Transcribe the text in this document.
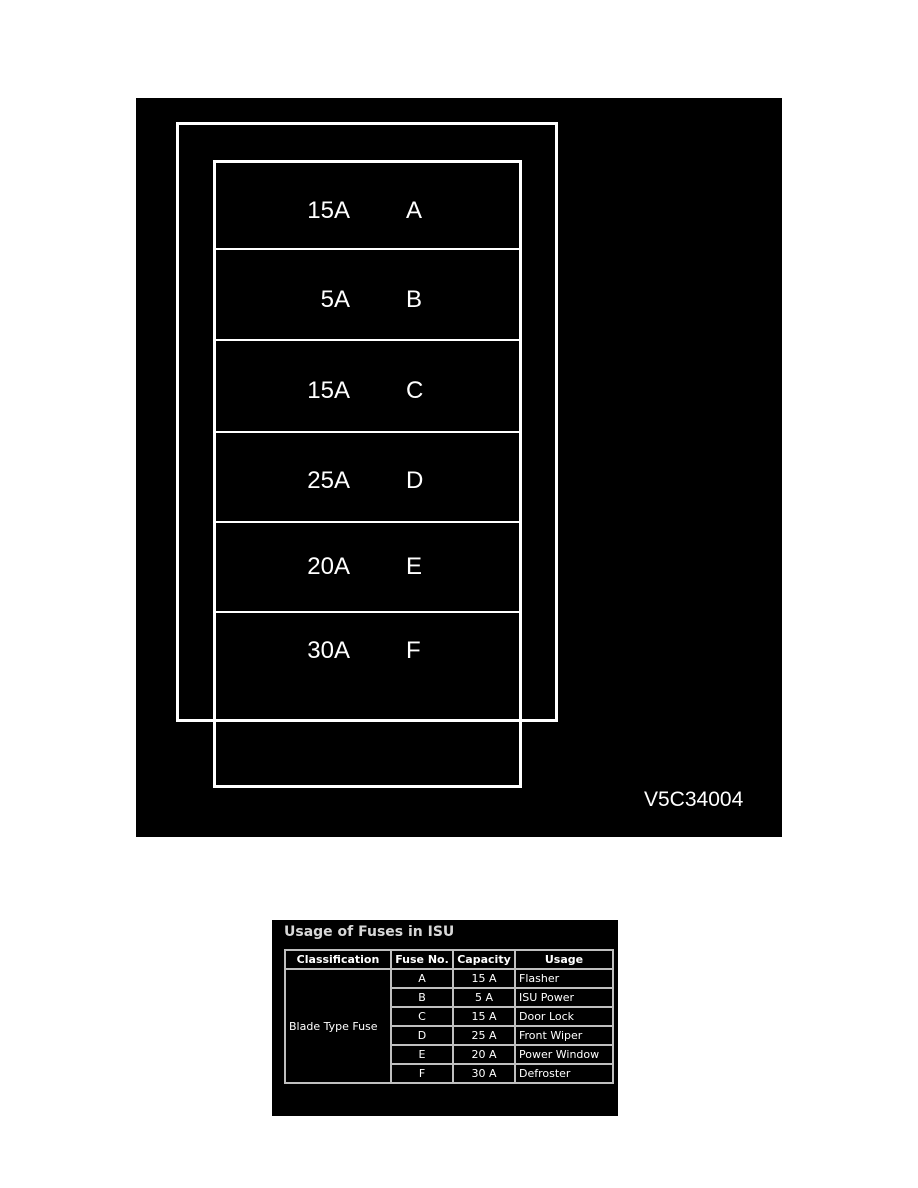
15A A
5A B
15A C
25A D
20A E
30A F
V5C34004
Usage of Fuses in ISU
Classification	Fuse No.	Capacity	Usage
Blade Type Fuse	A	15 A	Flasher
	B	5 A	ISU Power
	C	15 A	Door Lock
	D	25 A	Front Wiper
	E	20 A	Power Window
	F	30 A	Defroster
